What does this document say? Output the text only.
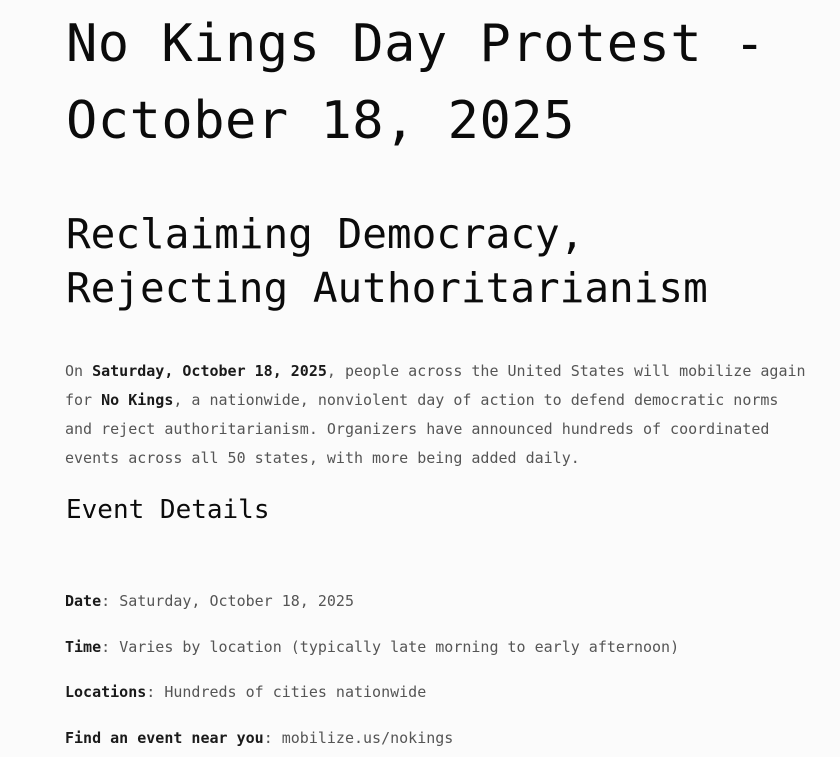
No Kings Day Protest - October 18, 2025
Reclaiming Democracy, Rejecting Authoritarianism

On Saturday, October 18, 2025, people across the United States will mobilize again for No Kings, a nationwide, nonviolent day of action to defend democratic norms and reject authoritarianism. Organizers have announced hundreds of coordinated events across all 50 states, with more being added daily.

Event Details

Date: Saturday, October 18, 2025

Time: Varies by location (typically late morning to early afternoon)

Locations: Hundreds of cities nationwide

Find an event near you: mobilize.us/nokings
